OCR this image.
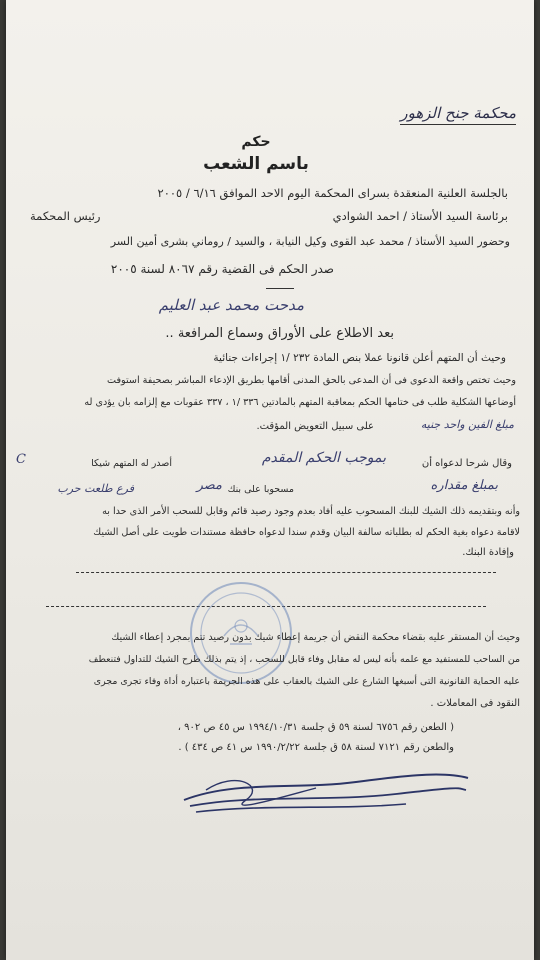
محكمة جنح الزهور
حكم
باسم الشعب
بالجلسة العلنية المنعقدة بسراى المحكمة اليوم الاحد الموافق ٦/١٦ / ٢٠٠٥
برئاسة السيد الأستاذ / احمد الشوادي
رئيس المحكمة
وحضور السيد الأستاذ / محمد عبد القوى وكيل النيابة ، والسيد / روماني بشرى أمين السر
صدر الحكم فى القضية رقم ٨٠٦٧ لسنة ٢٠٠٥
مدحت محمد عبد العليم
بعد الاطلاع على الأوراق وسماع المرافعة ..
وحيث أن المتهم أعلن قانونا عملا بنص المادة ٢٣٢ /١ إجراءات جنائية
وحيث تختص واقعة الدعوى فى أن المدعى بالحق المدنى أقامها بطريق الإدعاء المباشر بصحيفة استوفت
أوضاعها الشكلية طلب فى ختامها الحكم بمعاقبة المتهم بالمادتين ٣٣٦ /١ ، ٣٣٧ عقوبات مع إلزامه بان يؤدى له
مبلغ الفين واحد جنيه
على سبيل التعويض المؤقت.
وقال شرحا لدعواه أن
بموجب الحكم المقدم
أصدر له المتهم شيكا
C
بمبلغ مقداره
مسحوبا على بنك
مصر
فرع طلعت حرب
وأنه وبتقديمه ذلك الشيك للبنك المسحوب عليه أفاد بعدم وجود رصيد قائم وقابل للسحب الأمر الذى حدا به
لاقامة دعواه بغية الحكم له بطلباته سالفة البيان وقدم سندا لدعواه حافظة مستندات طويت على أصل الشيك
وإفادة البنك.
وحيث أن المستقر عليه بقضاء محكمة النقض أن جريمة إعطاء شيك بدون رصيد تتم بمجرد إعطاء الشيك
من الساحب للمستفيد مع علمه بأنه ليس له مقابل وفاء قابل للسحب ، إذ يتم بذلك طرح الشيك للتداول فتنعطف
عليه الحماية القانونية التى أسبغها الشارع على الشيك بالعقاب على هذه الجريمة باعتباره أداة وفاء تجرى مجرى
النقود فى المعاملات .
( الطعن رقم ٦٧٥٦ لسنة ٥٩ ق جلسة ١٩٩٤/١٠/٣١ س ٤٥ ص ٩٠٢ ،
والطعن رقم ٧١٢١ لسنة ٥٨ ق جلسة ١٩٩٠/٢/٢٢ س ٤١ ص ٤٣٤ ) .
